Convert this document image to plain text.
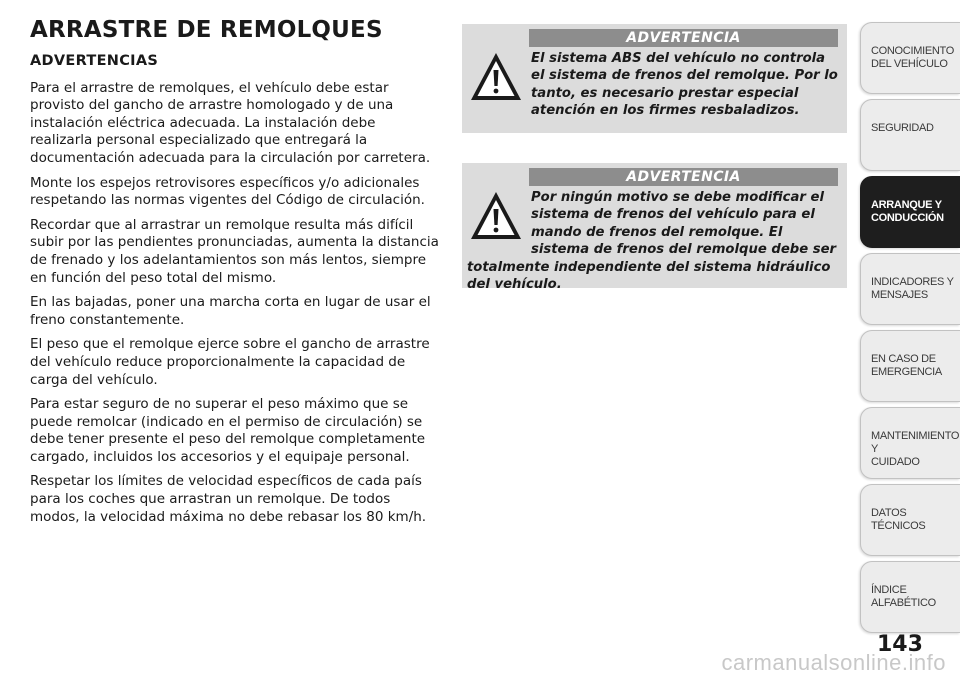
ARRASTRE DE REMOLQUES
ADVERTENCIAS

Para el arrastre de remolques, el vehículo debe estar provisto del gancho de arrastre homologado y de una instalación eléctrica adecuada. La instalación debe realizarla personal especializado que entregará la documentación adecuada para la circulación por carretera.

Monte los espejos retrovisores específicos y/o adicionales respetando las normas vigentes del Código de circulación.

Recordar que al arrastrar un remolque resulta más difícil subir por las pendientes pronunciadas, aumenta la distancia de frenado y los adelantamientos son más lentos, siempre en función del peso total del mismo.

En las bajadas, poner una marcha corta en lugar de usar el freno constantemente.

El peso que el remolque ejerce sobre el gancho de arrastre del vehículo reduce proporcionalmente la capacidad de carga del vehículo.

Para estar seguro de no superar el peso máximo que se puede remolcar (indicado en el permiso de circulación) se debe tener presente el peso del remolque completamente cargado, incluidos los accesorios y el equipaje personal.

Respetar los límites de velocidad específicos de cada país para los coches que arrastran un remolque. De todos modos, la velocidad máxima no debe rebasar los 80 km/h.

ADVERTENCIA
El sistema ABS del vehículo no controla el sistema de frenos del remolque. Por lo tanto, es necesario prestar especial atención en los firmes resbaladizos.
ADVERTENCIA
Por ningún motivo se debe modificar el sistema de frenos del vehículo para el mando de frenos del remolque. El sistema de frenos del remolque debe ser totalmente independiente del sistema hidráulico del vehículo.
CONOCIMIENTO
DEL VEHÍCULO
SEGURIDAD
ARRANQUE Y
CONDUCCIÓN
INDICADORES Y
MENSAJES
EN CASO DE
EMERGENCIA
MANTENIMIENTO Y
CUIDADO
DATOS TÉCNICOS
ÍNDICE ALFABÉTICO
143
carmanualsonline.info
